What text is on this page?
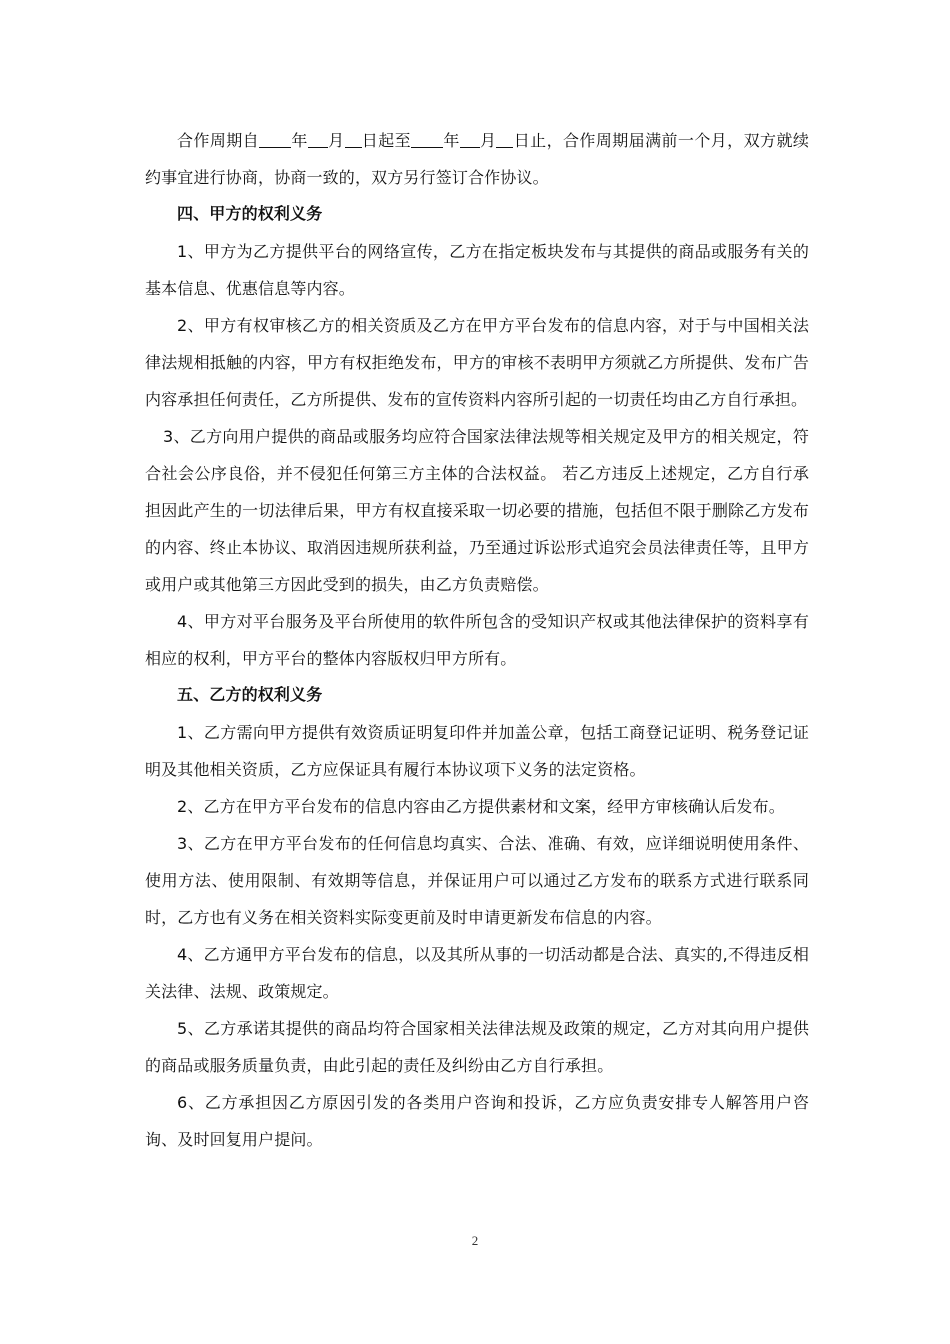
合作周期自 年 月 日起至 年 月 日止，合作周期届满前一个月，双方就续约事宜进行协商，协商一致的，双方另行签订合作协议。

四、甲方的权利义务

1、甲方为乙方提供平台的网络宣传，乙方在指定板块发布与其提供的商品或服务有关的基本信息、优惠信息等内容。

2、甲方有权审核乙方的相关资质及乙方在甲方平台发布的信息内容，对于与中国相关法律法规相抵触的内容，甲方有权拒绝发布，甲方的审核不表明甲方须就乙方所提供、发布广告内容承担任何责任，乙方所提供、发布的宣传资料内容所引起的一切责任均由乙方自行承担。

3、乙方向用户提供的商品或服务均应符合国家法律法规等相关规定及甲方的相关规定，符合社会公序良俗，并不侵犯任何第三方主体的合法权益。 若乙方违反上述规定，乙方自行承担因此产生的一切法律后果，甲方有权直接采取一切必要的措施，包括但不限于删除乙方发布的内容、终止本协议、取消因违规所获利益，乃至通过诉讼形式追究会员法律责任等，且甲方或用户或其他第三方因此受到的损失，由乙方负责赔偿。

4、甲方对平台服务及平台所使用的软件所包含的受知识产权或其他法律保护的资料享有相应的权利，甲方平台的整体内容版权归甲方所有。

五、乙方的权利义务

1、乙方需向甲方提供有效资质证明复印件并加盖公章，包括工商登记证明、税务登记证明及其他相关资质，乙方应保证具有履行本协议项下义务的法定资格。

2、乙方在甲方平台发布的信息内容由乙方提供素材和文案，经甲方审核确认后发布。

3、乙方在甲方平台发布的任何信息均真实、合法、准确、有效，应详细说明使用条件、使用方法、使用限制、有效期等信息，并保证用户可以通过乙方发布的联系方式进行联系同时，乙方也有义务在相关资料实际变更前及时申请更新发布信息的内容。

4、乙方通甲方平台发布的信息，以及其所从事的一切活动都是合法、真实的,不得违反相关法律、法规、政策规定。

5、乙方承诺其提供的商品均符合国家相关法律法规及政策的规定，乙方对其向用户提供的商品或服务质量负责，由此引起的责任及纠纷由乙方自行承担。

6、乙方承担因乙方原因引发的各类用户咨询和投诉，乙方应负责安排专人解答用户咨询、及时回复用户提问。

2
